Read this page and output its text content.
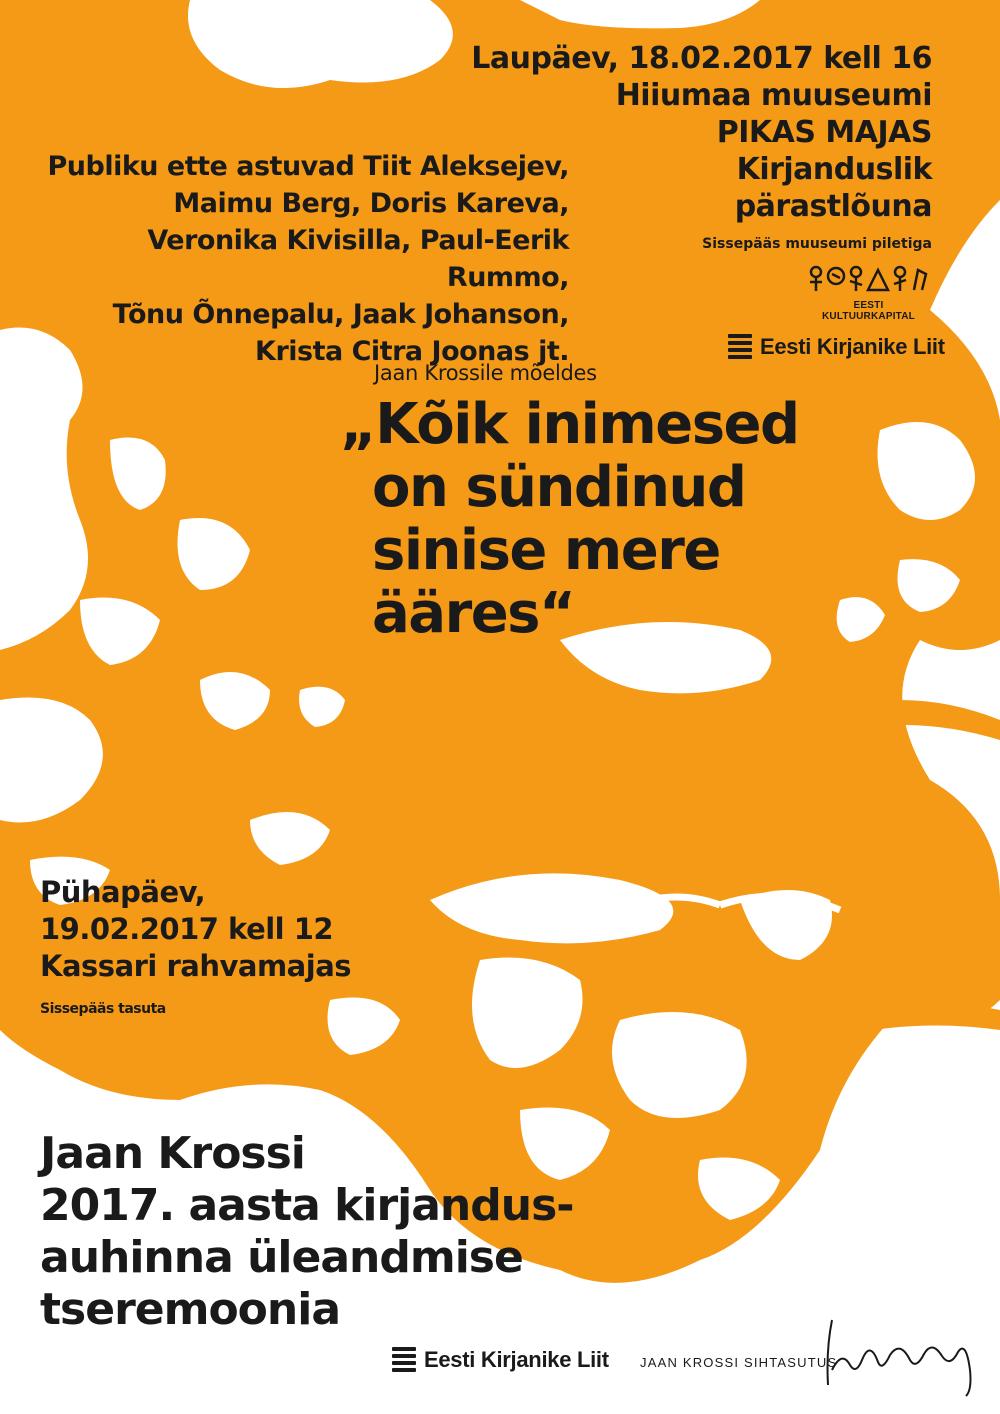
Laupäev, 18.02.2017 kell 16
Hiiumaa muuseumi
PIKAS MAJAS
Kirjanduslik
pärastlõuna
Sissepääs muuseumi piletiga
Publiku ette astuvad Tiit Aleksejev,
Maimu Berg, Doris Kareva,
Veronika Kivisilla, Paul-Eerik Rummo,
Tõnu Õnnepalu, Jaak Johanson,
Krista Citra Joonas jt.
Jaan Krossile mõeldes
„Kõik inimesed
on sündinud
sinise mere
ääres“
Pühapäev,
19.02.2017 kell 12
Kassari rahvamajas
Sissepääs tasuta
Jaan Krossi
2017. aasta kirjandus-
auhinna üleandmise
tseremoonia
EESTI KULTUURKAPITAL
Eesti Kirjanike Liit
Eesti Kirjanike Liit JAAN KROSSI SIHTASUTUS
